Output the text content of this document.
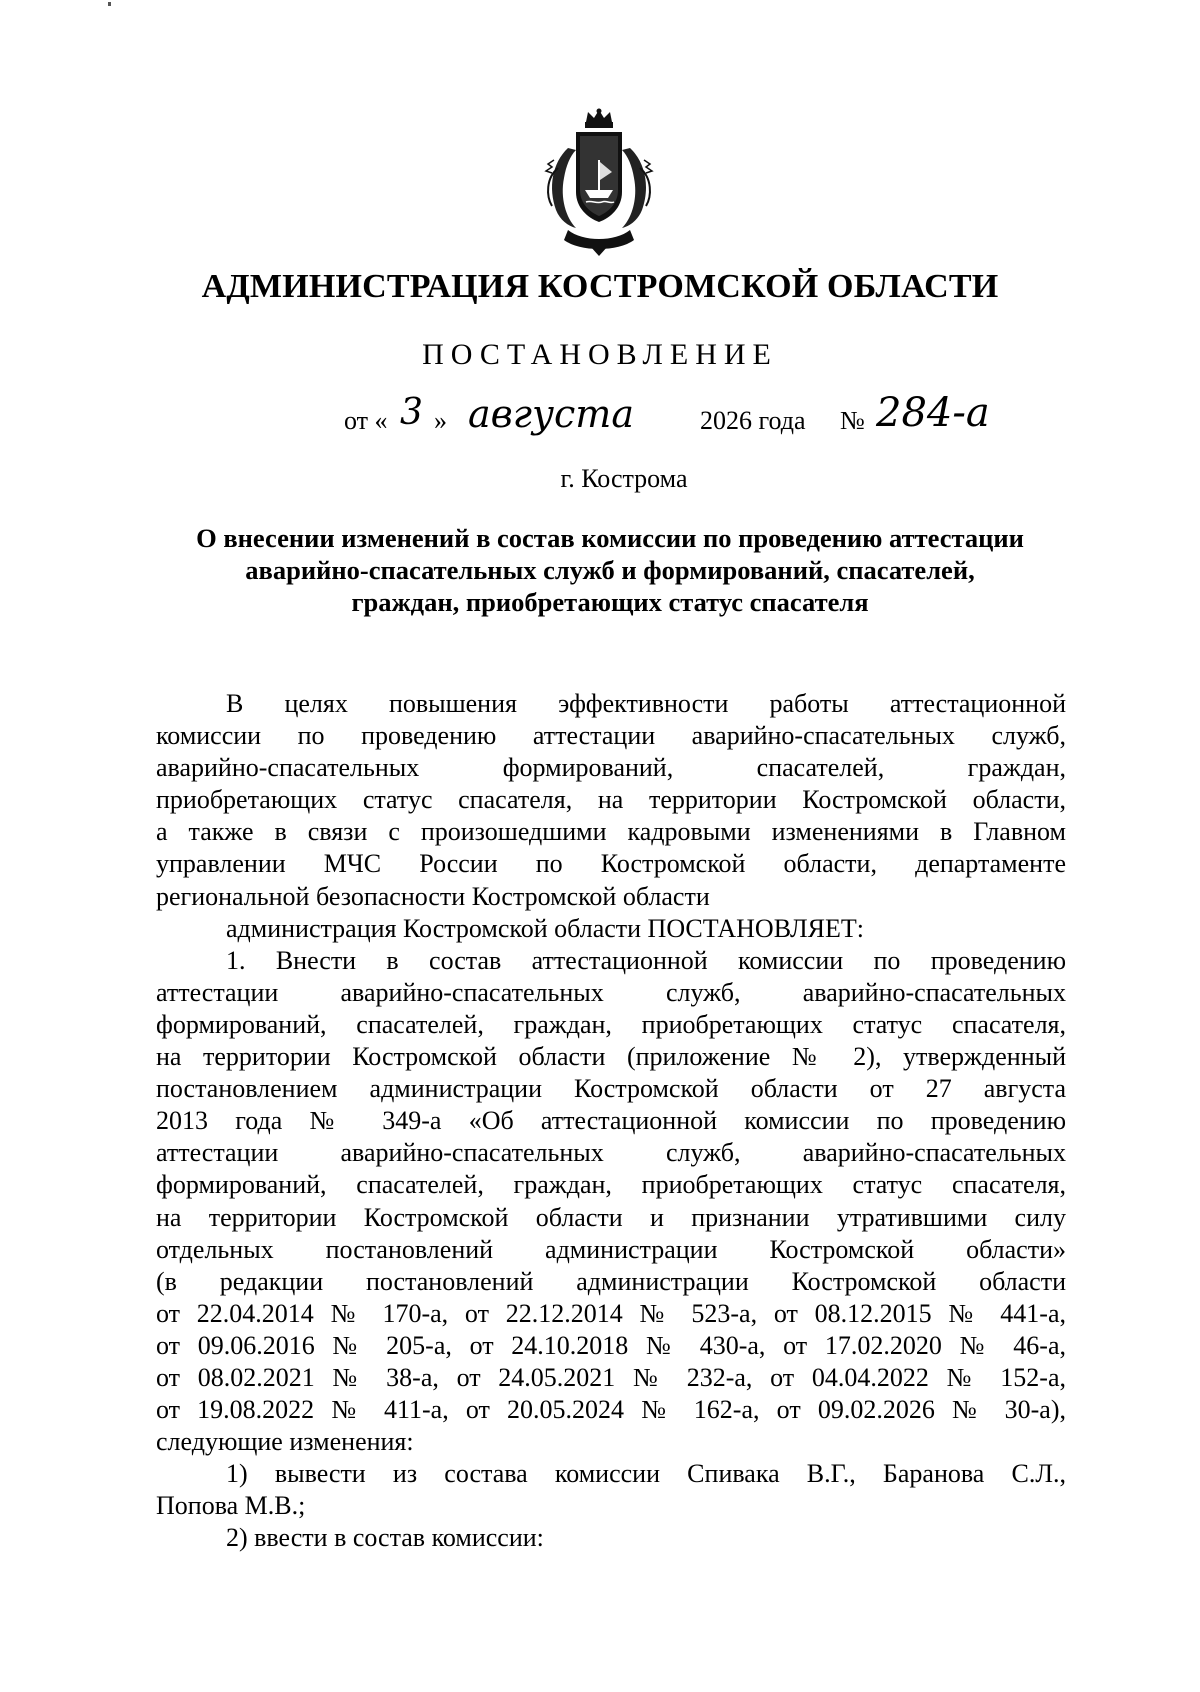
АДМИНИСТРАЦИЯ КОСТРОМСКОЙ ОБЛАСТИ
ПОСТАНОВЛЕНИЕ
от « 3 » августа	2026 года № 284-а
г. Кострома
О внесении изменений в состав комиссии по проведению аттестации
аварийно-спасательных служб и формирований, спасателей,
граждан, приобретающих статус спасателя
В целях повышения эффективности работы аттестационной
комиссии по проведению аттестации аварийно-спасательных служб,
аварийно-спасательных формирований, спасателей, граждан,
приобретающих статус спасателя, на территории Костромской области,
а также в связи с произошедшими кадровыми изменениями в Главном
управлении МЧС России по Костромской области, департаменте
региональной безопасности Костромской области
администрация Костромской области ПОСТАНОВЛЯЕТ:
1. Внести в состав аттестационной комиссии по проведению
аттестации аварийно-спасательных служб, аварийно-спасательных
формирований, спасателей, граждан, приобретающих статус спасателя,
на территории Костромской области (приложение № 2), утвержденный
постановлением администрации Костромской области от 27 августа
2013 года № 349-а «Об аттестационной комиссии по проведению
аттестации аварийно-спасательных служб, аварийно-спасательных
формирований, спасателей, граждан, приобретающих статус спасателя,
на территории Костромской области и признании утратившими силу
отдельных постановлений администрации Костромской области»
(в редакции постановлений администрации Костромской области
от 22.04.2014 № 170-а, от 22.12.2014 № 523-а, от 08.12.2015 № 441-а,
от 09.06.2016 № 205-а, от 24.10.2018 № 430-а, от 17.02.2020 № 46-а,
от 08.02.2021 № 38-а, от 24.05.2021 № 232-а, от 04.04.2022 № 152-а,
от 19.08.2022 № 411-а, от 20.05.2024 № 162-а, от 09.02.2026 № 30-а),
следующие изменения:
1) вывести из состава комиссии Спивака В.Г., Баранова С.Л.,
Попова М.В.;
2) ввести в состав комиссии:
